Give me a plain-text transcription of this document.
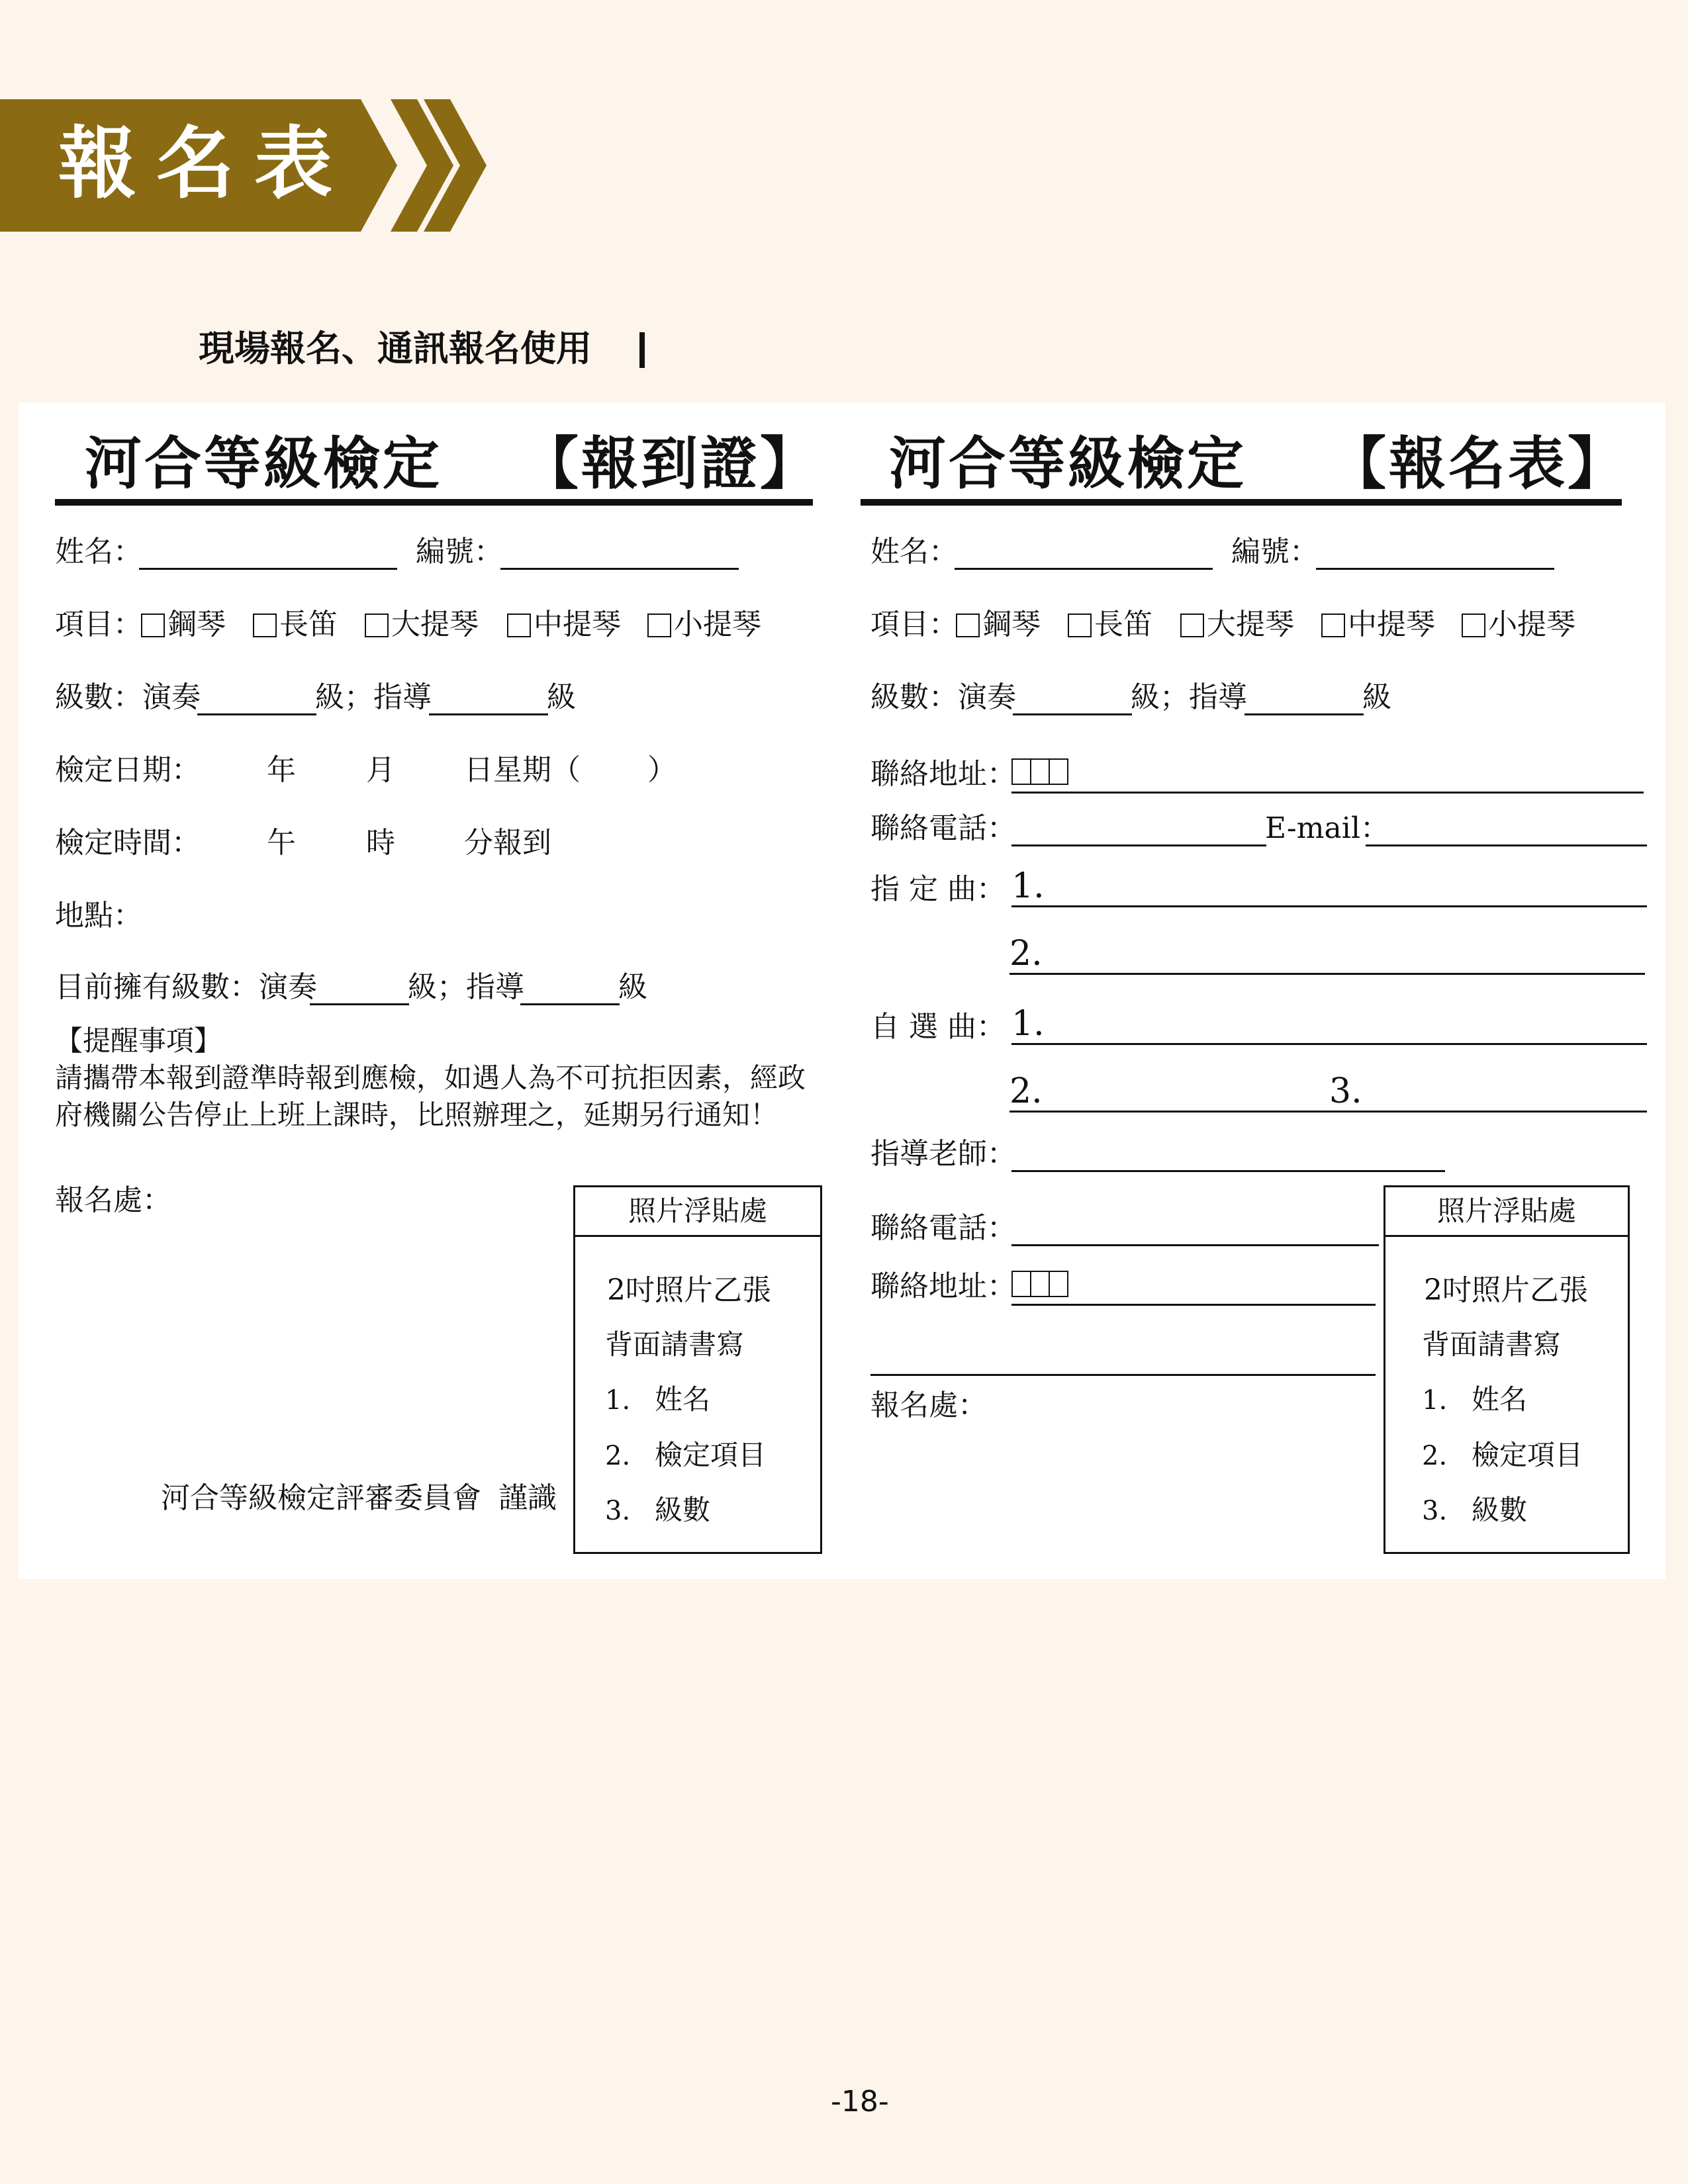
報名表
現場報名、通訊報名使用
河合等級檢定 【報到證】
姓名：	編號：
項目： 鋼琴	長笛	大提琴	中提琴	小提琴
級數：演奏	級；指導	級
檢定日期： 年 月 日星期（ ）
檢定時間： 午 時 分報到
地點：
目前擁有級數：演奏	級；指導	級
【提醒事項】
請攜帶本報到證準時報到應檢，如遇人為不可抗拒因素，經政
府機關公告停止上班上課時，比照辦理之，延期另行通知！
報名處：
河合等級檢定評審委員會 謹識
照片浮貼處
2吋照片乙張
背面請書寫
1. 姓名
2. 檢定項目
3. 級數
河合等級檢定 【報名表】
姓名：	編號：
項目： 鋼琴	長笛	大提琴	中提琴	小提琴
級數：演奏	級；指導	級
聯絡地址：
聯絡電話：	E-mail：
指 定 曲： 1.
2.
自 選 曲： 1.
2.	3.
指導老師：
聯絡電話：
聯絡地址：
報名處：
照片浮貼處
2吋照片乙張
背面請書寫
1. 姓名
2. 檢定項目
3. 級數
-18-
